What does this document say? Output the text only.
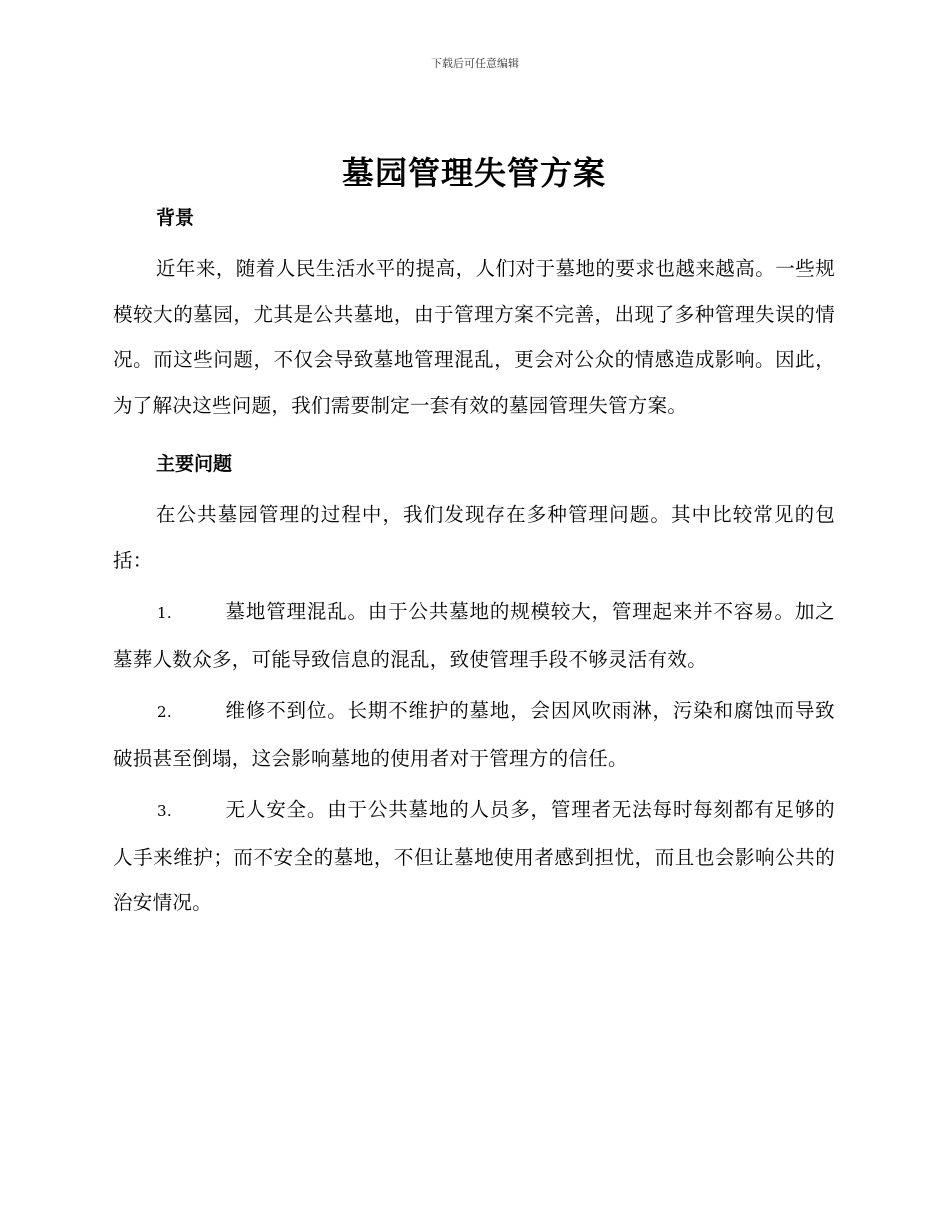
下载后可任意编辑
墓园管理失管方案
背景

近年来，随着人民生活水平的提高，人们对于墓地的要求也越来越高。一些规模较大的墓园，尤其是公共墓地，由于管理方案不完善，出现了多种管理失误的情况。而这些问题，不仅会导致墓地管理混乱，更会对公众的情感造成影响。因此，为了解决这些问题，我们需要制定一套有效的墓园管理失管方案。

主要问题

在公共墓园管理的过程中，我们发现存在多种管理问题。其中比较常见的包括：

1.	墓地管理混乱。由于公共墓地的规模较大，管理起来并不容易。加之墓葬人数众多，可能导致信息的混乱，致使管理手段不够灵活有效。

2.	维修不到位。长期不维护的墓地，会因风吹雨淋，污染和腐蚀而导致破损甚至倒塌，这会影响墓地的使用者对于管理方的信任。

3.	无人安全。由于公共墓地的人员多，管理者无法每时每刻都有足够的人手来维护；而不安全的墓地，不但让墓地使用者感到担忧，而且也会影响公共的治安情况。
